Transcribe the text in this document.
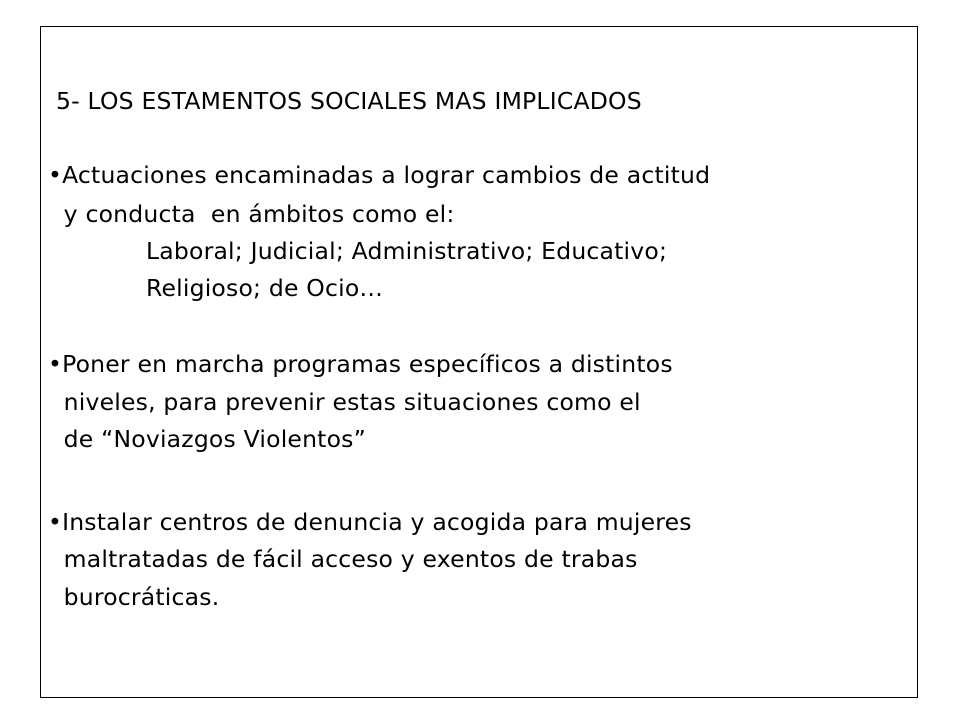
5- LOS ESTAMENTOS SOCIALES MAS IMPLICADOS
•Actuaciones encaminadas a lograr cambios de actitud
y conducta  en ámbitos como el:
Laboral; Judicial; Administrativo; Educativo;
Religioso; de Ocio…
•Poner en marcha programas específicos a distintos
niveles, para prevenir estas situaciones como el
de “Noviazgos Violentos”
•Instalar centros de denuncia y acogida para mujeres
maltratadas de fácil acceso y exentos de trabas
burocráticas.
